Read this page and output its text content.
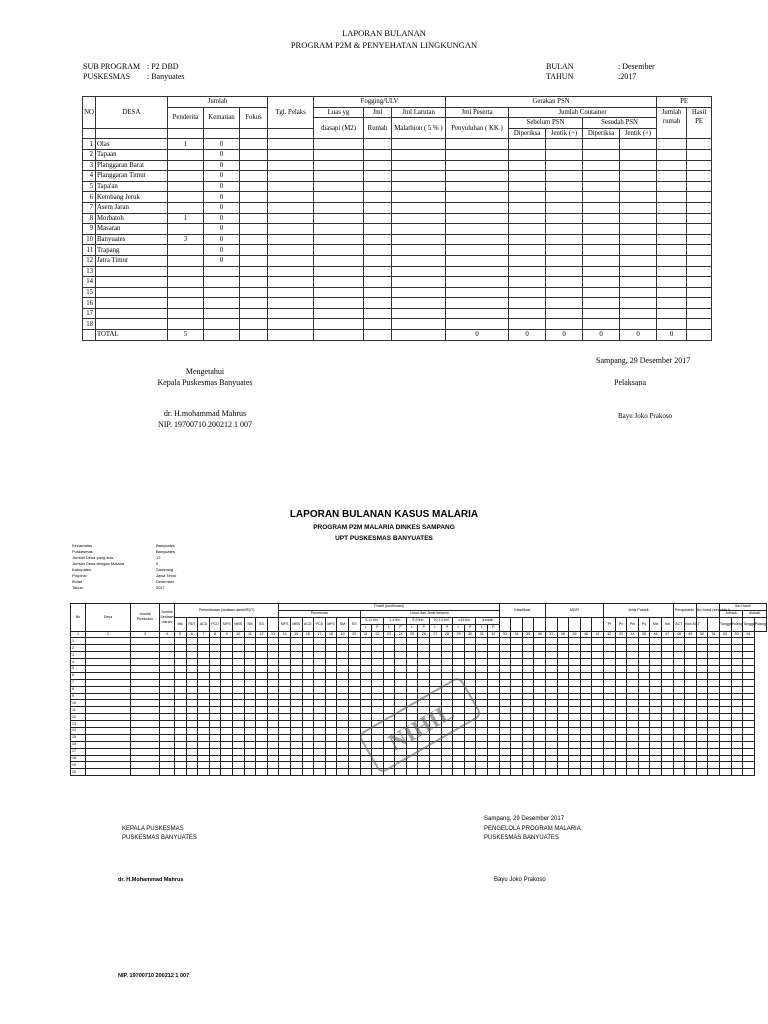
LAPORAN BULANAN
PROGRAM P2M & PENYEHATAN LINGKUNGAN
SUB PROGRAM : P2 DBD
PUSKESMAS : Banyuates
BULAN	: Desember
TAHUN	:2017
NO	DESA	Jumlah			Tgl. Pelaks	Fogging/ULV			Gerakan PSN					PE	
		Penderita	Kematian	Fokus		Luas yg	Jml	Jml Larutan	Jml Peserta	Jumlah Container				Jumlah rumah	Hasil PE
						diasapi (M2)	Rumah	Malathion ( 5 % )	Penyuluhan ( KK )	Sebelum PSN		Sesudah PSN			
										Diperiksa	Jentik (+)	Diperiksa	Jentik (+)		
1	Olas	1	0												
2	Tapaan		0												
3	Planggaran Barat		0												
4	Planggaran Timur		0												
5	Tapa'an		0												
6	Kembang Jeruk		0												
7	Asem Jaran		0												
8	Morbatoh	1	0												
9	Masaran		0												
10	Banyuates	3	0												
11	Trapang		0												
12	Jatra Timur		0												
13															
14															
15															
16															
17															
18															
	TOTAL	5							0	0	0	0	0	0	
Sampang, 29 Desember 2017
Mengetahui
Kepala Puskesmas Banyuates	Pelaksana
dr. H.mohammad Mahrus
NIP. 19700710 200212 1 007
Bayu Joko Prakoso
LAPORAN BULANAN KASUS MALARIA
PROGRAM P2M MALARIA DINKES SAMPANG
UPT PUSKESMAS BANYUATES
Kecamatan	Banyuates
Puskesmas	Banyuates
Jumlah Desa yang ada	12
Jumlah Desa dengan Malaria	0
Kabupaten	Sampang
Propinsi	Jawa Timur
Bulan	Desember
Tahun	2017
No	Desa	Jumlah Penduduk	Jumlah Sediaan darah	Pemeriksaan (sediaan darah/RDT)									Positif (konfirmasi)																			Klasifikasi				MDPI					Jenis Parasit						Pengobatan		Ibu hamil (sesudah I)		Ibu Hamil			
													Penemuan							Umur dan Jenis kelamin																															Jumlah		diobati	
				Mic	RDT	ACD	PCD	MFS	MBS	SM	SS		MFS	MBS	ACD	PCD	MFS	SM	SS	0-11 bln		1-4 thn		5-9 thn		10-14 thn		≥15 thn		Jumlah											Pf	Pv	Pm	Po	Mix	Ind	ACT	Non ACT			Tanggal	Pulang	Tanggal	Pulang
																				L	P	L	P	L	P	L	P	L	P	L	P																							
1	2	3	4	5	6	7	8	9	10	11	12	13	14	15	16	17	18	19	20	21	22	23	24	25	26	27	28	29	30	31	32	33	34	35	36	37	38	39	40	41	42	43	44	45	46	47	48	49	50	51	52	53	54	
1																																																						
2																																																						
3																																																						
4																																																						
5																																																						
6																																																						
7																																																						
8																																																						
9																																																						
10																																																						
11																																																						
12																																																						
13																																																						
14																																																						
15																																																						
16																																																						
17																																																						
18																																																						
19																																																						
20																																																						
NIHIL
Sampang, 29 Desember 2017
KEPALA PUSKESMAS
PUSKESMAS BANYUATES
PENGELOLA PROGRAM MALARIA
PUSKESMAS BANYUATES
dr. H.Mohammad Mahrus	Bayu Joko Prakoso
NIP. 19700710 200212 1 007
